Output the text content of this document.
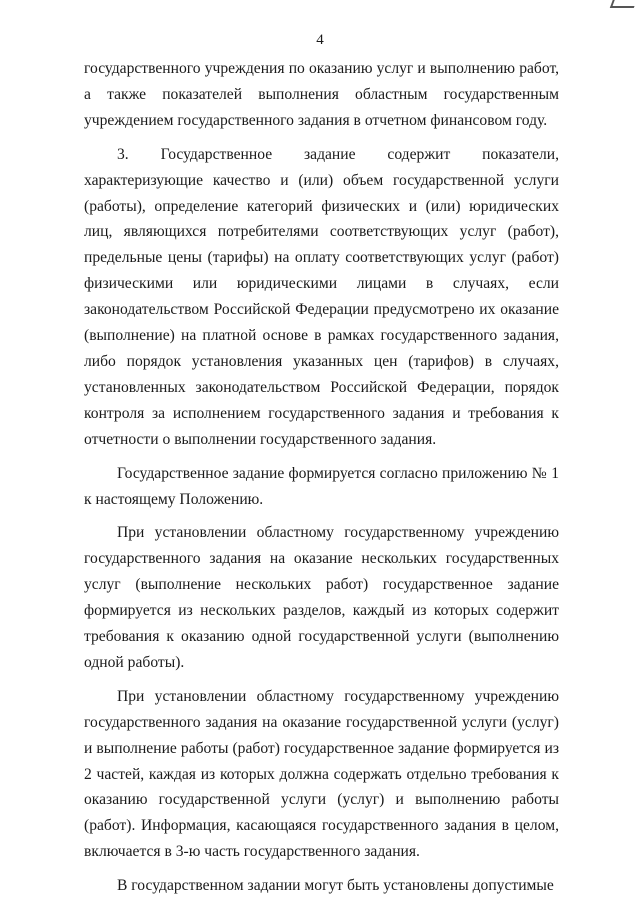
4

государственного учреждения по оказанию услуг и выполнению работ, а также показателей выполнения областным государственным учреждением государственного задания в отчетном финансовом году.

3. Государственное задание содержит показатели, характеризующие качество и (или) объем государственной услуги (работы), определение категорий физических и (или) юридических лиц, являющихся потребителями соответствующих услуг (работ), предельные цены (тарифы) на оплату соответствующих услуг (работ) физическими или юридическими лицами в случаях, если законодательством Российской Федерации предусмотрено их оказание (выполнение) на платной основе в рамках государственного задания, либо порядок установления указанных цен (тарифов) в случаях, установленных законодательством Российской Федерации, порядок контроля за исполнением государственного задания и требования к отчетности о выполнении государственного задания.

Государственное задание формируется согласно приложению № 1 к настоящему Положению.

При установлении областному государственному учреждению государственного задания на оказание нескольких государственных услуг (выполнение нескольких работ) государственное задание формируется из нескольких разделов, каждый из которых содержит требования к оказанию одной государственной услуги (выполнению одной работы).

При установлении областному государственному учреждению государственного задания на оказание государственной услуги (услуг) и выполнение работы (работ) государственное задание формируется из 2 частей, каждая из которых должна содержать отдельно требования к оказанию государственной услуги (услуг) и выполнению работы (работ). Информация, касающаяся государственного задания в целом, включается в 3-ю часть государственного задания.

В государственном задании могут быть установлены допустимые
